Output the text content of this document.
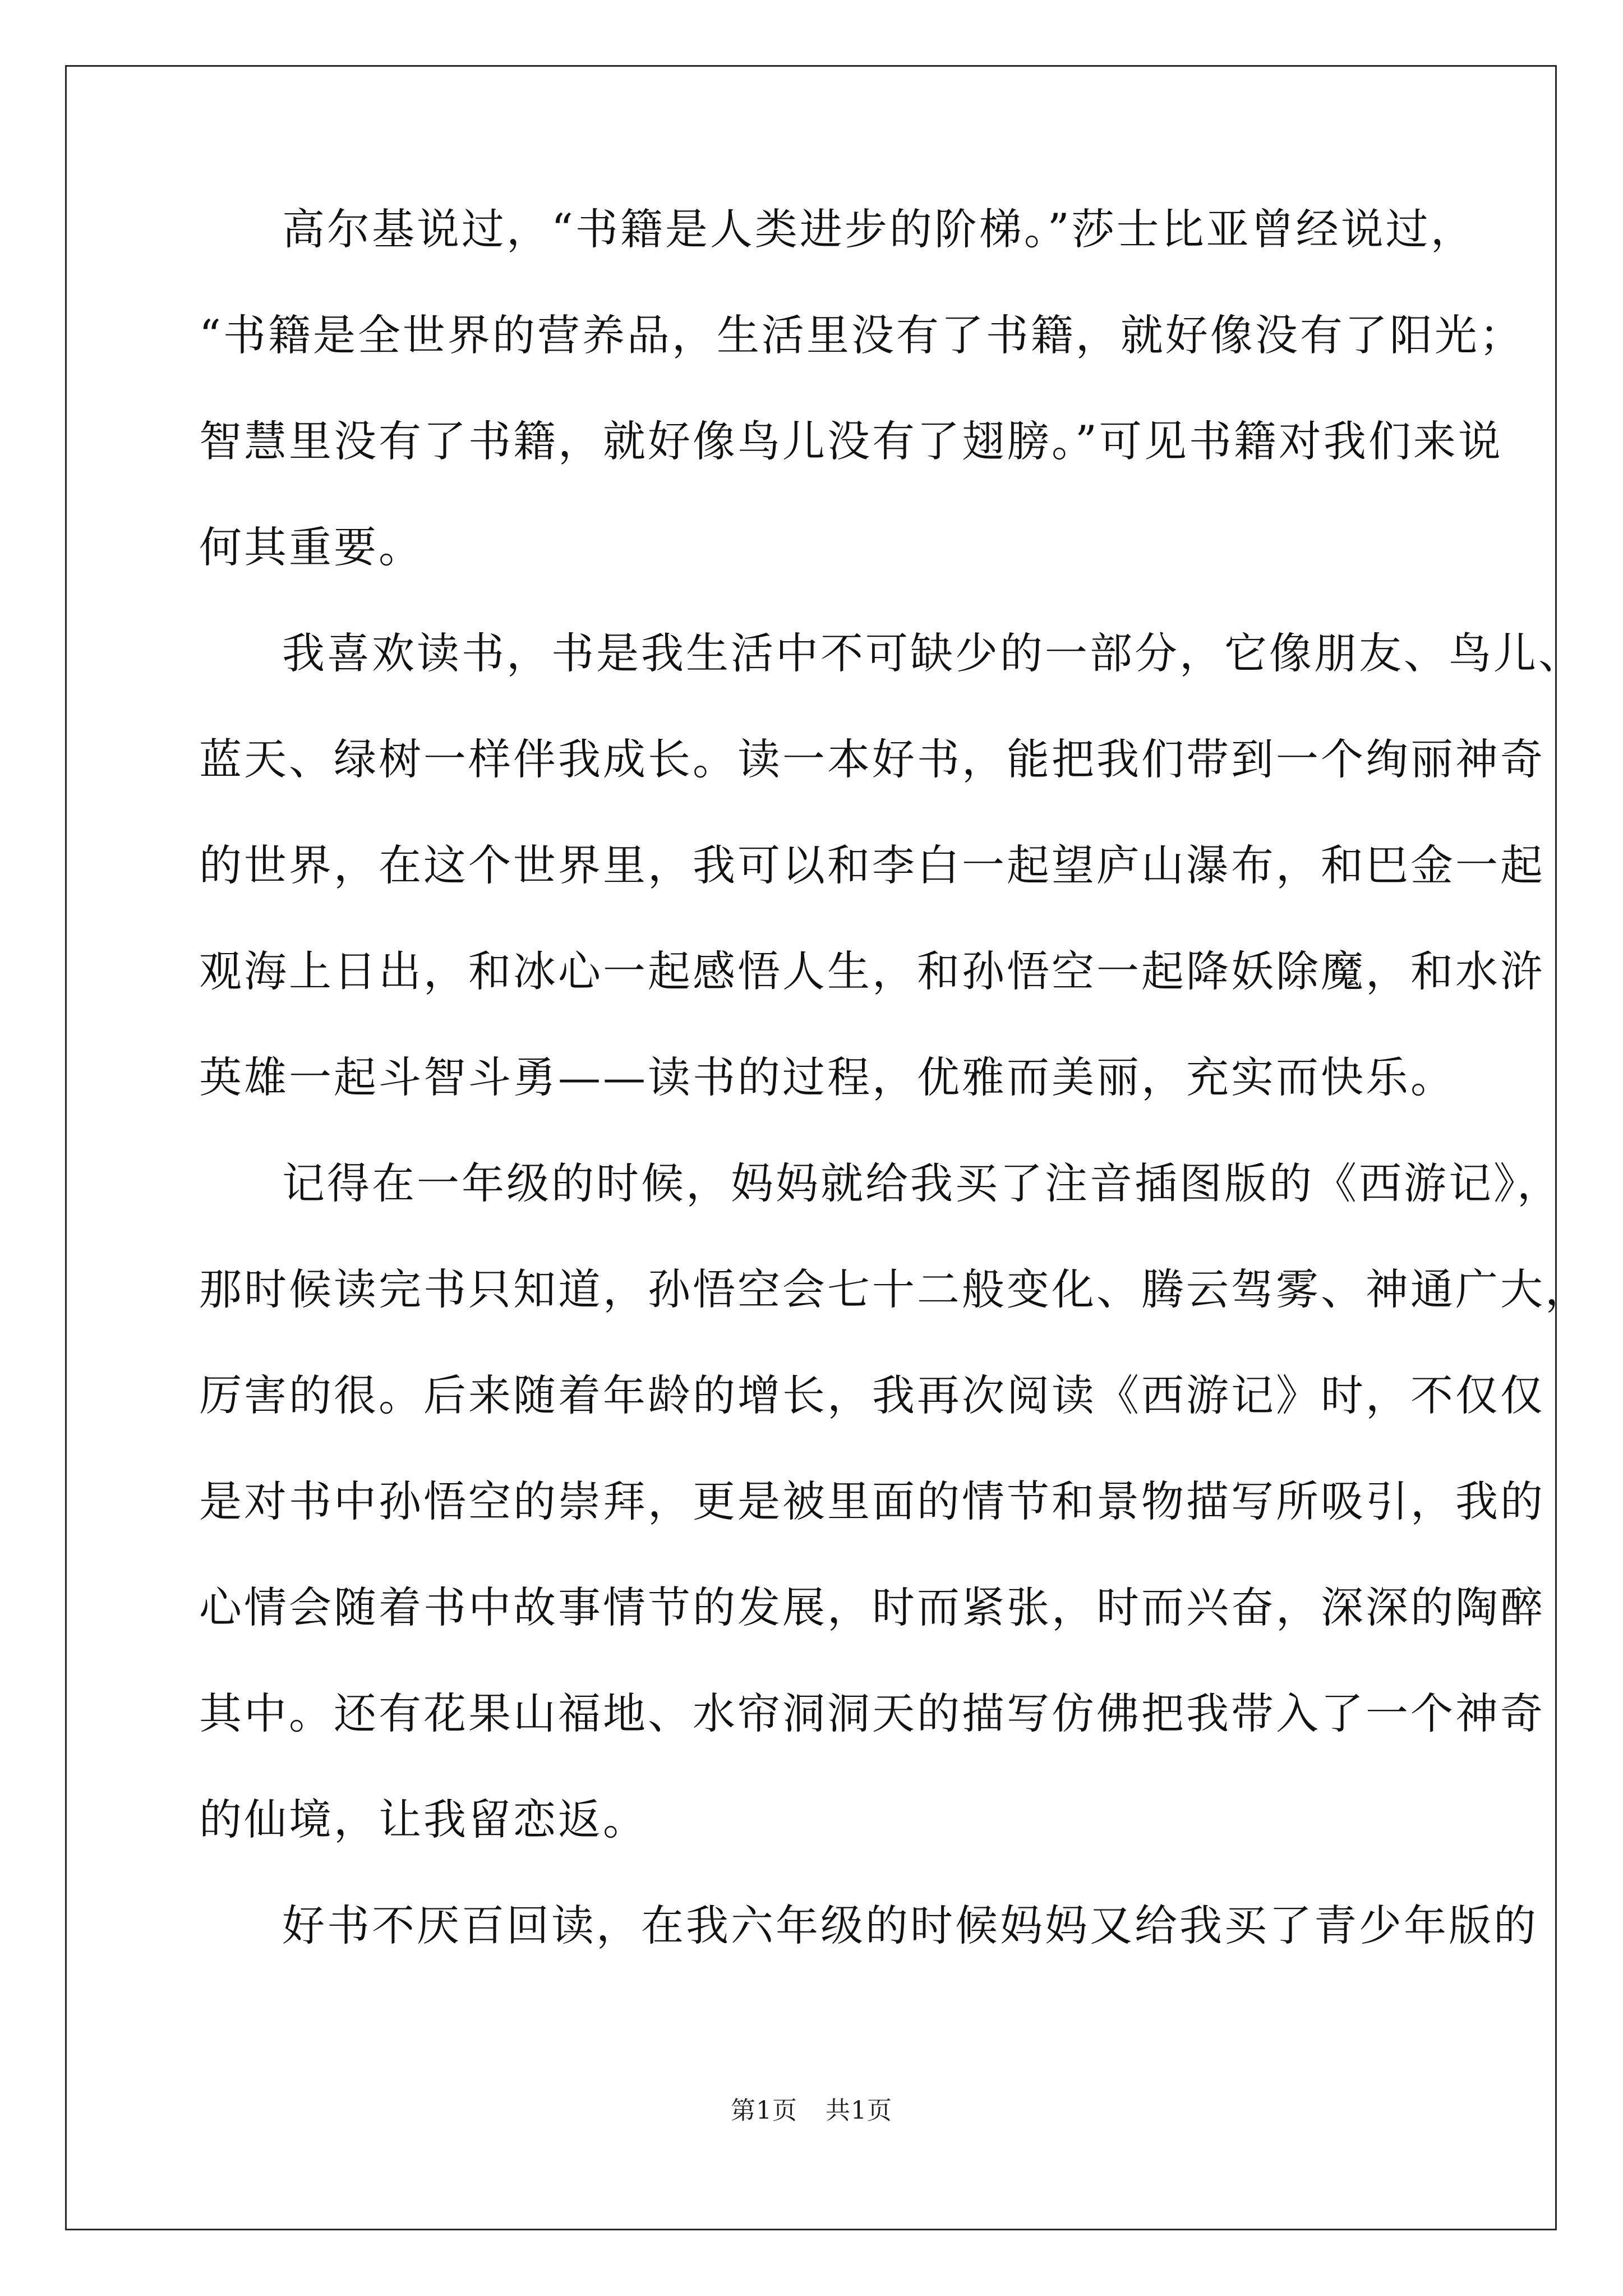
高尔基说过，“书籍是人类进步的阶梯。”莎士比亚曾经说过，
“书籍是全世界的营养品，生活里没有了书籍，就好像没有了阳光；
智慧里没有了书籍，就好像鸟儿没有了翅膀。”可见书籍对我们来说
何其重要。
我喜欢读书，书是我生活中不可缺少的一部分，它像朋友、鸟儿、
蓝天、绿树一样伴我成长。读一本好书，能把我们带到一个绚丽神奇
的世界，在这个世界里，我可以和李白一起望庐山瀑布，和巴金一起
观海上日出，和冰心一起感悟人生，和孙悟空一起降妖除魔，和水浒
英雄一起斗智斗勇——读书的过程，优雅而美丽，充实而快乐。
记得在一年级的时候，妈妈就给我买了注音插图版的《西游记》，
那时候读完书只知道，孙悟空会七十二般变化、腾云驾雾、神通广大，
厉害的很。后来随着年龄的增长，我再次阅读《西游记》时，不仅仅
是对书中孙悟空的崇拜，更是被里面的情节和景物描写所吸引，我的
心情会随着书中故事情节的发展，时而紧张，时而兴奋，深深的陶醉
其中。还有花果山福地、水帘洞洞天的描写仿佛把我带入了一个神奇
的仙境，让我留恋返。
好书不厌百回读，在我六年级的时候妈妈又给我买了青少年版的
第1页 共1页
